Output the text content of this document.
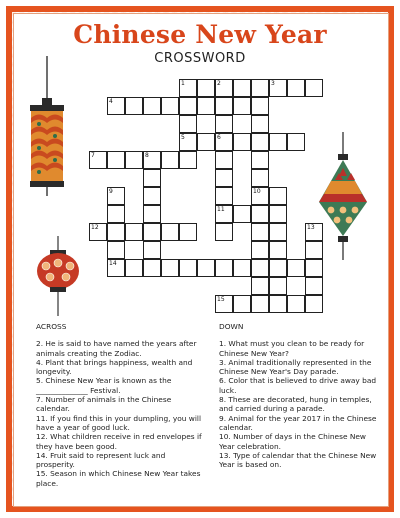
Chinese New Year
CROSSWORD
1	2	3
4
5	6
7	8
11
12
14
15
10
9
13
ACROSS
2. He is said to have named the years after animals creating the Zodiac.
4. Plant that brings happiness, wealth and longevity.
5. Chinese New Year is known as the ______________ Festival.
7. Number of animals in the Chinese calendar.
11. If you find this in your dumpling, you will have a year of good luck.
12. What children receive in red envelopes if they have been good.
14. Fruit said to represent luck and prosperity.
15. Season in which Chinese New Year takes place.
DOWN
1. What must you clean to be ready for Chinese New Year?
3. Animal traditionally represented in the Chinese New Year's Day parade.
6. Color that is believed to drive away bad luck.
8. These are decorated, hung in temples, and carried during a parade.
9. Animal for the year 2017 in the Chinese calendar.
10. Number of days in the Chinese New Year celebration.
13. Type of calendar that the Chinese New Year is based on.
